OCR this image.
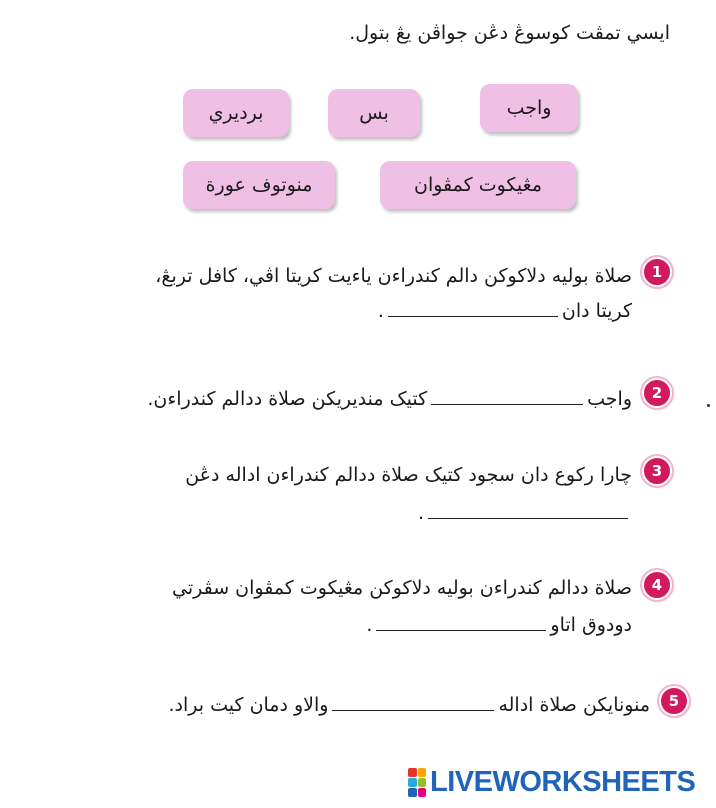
ايسي تمڤت كوسوڠ دڠن جواڤن يڠ بتول.
واجب
بس
برديري
مڠيكوت كمڤوان
منوتوف عورة
1
صلاة بوليه دلاكوكن دالم كندراءن ياءيت كريتا اڤي، كافل تربڠ،
كريتا دان.
2
واجبكتيک منديريكن صلاة ددالم كندراءن.
3
چارا ركوع دان سجود كتيک صلاة ددالم كندراءن اداله دڠن
.
4
صلاة ددالم كندراءن بوليه دلاكوكن مڠيكوت كمڤوان سڤرتي
دودوق اتاو.
5
منونايكن صلاة ادالهوالاو دمان كيت براد.
LIVEWORKSHEETS
